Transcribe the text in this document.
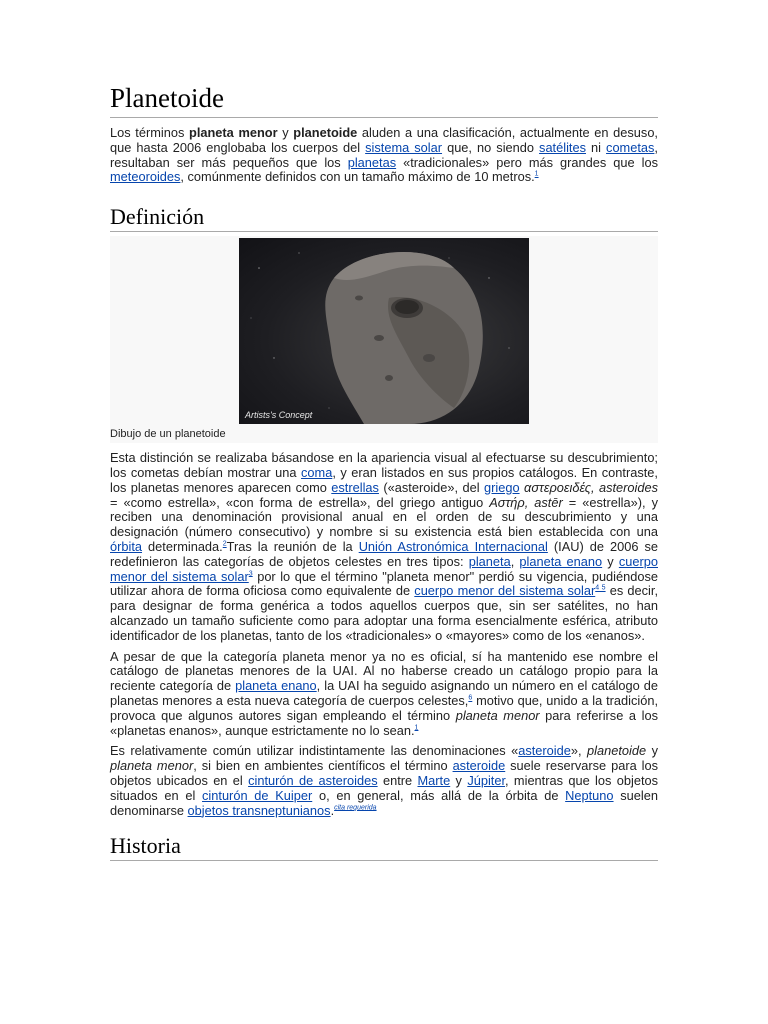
Planetoide

Los términos planeta menor y planetoide aluden a una clasificación, actualmente en desuso, que hasta 2006 englobaba los cuerpos del sistema solar que, no siendo satélites ni cometas, resultaban ser más pequeños que los planetas «tradicionales» pero más grandes que los meteoroides, comúnmente definidos con un tamaño máximo de 10 metros.$^1$

Definición
Artists's Concept
Dibujo de un planetoide

Esta distinción se realizaba básandose en la apariencia visual al efectuarse su descubrimiento; los cometas debían mostrar una coma, y eran listados en sus propios catálogos. En contraste, los planetas menores aparecen como estrellas («asteroide», del griego αστεροειδές, asteroides = «como estrella», «con forma de estrella», del griego antiguo Αστήρ, astēr = «estrella»), y reciben una denominación provisional anual en el orden de su descubrimiento y una designación (número consecutivo) y nombre si su existencia está bien establecida con una órbita determinada.$^2$Tras la reunión de la Unión Astronómica Internacional (IAU) de 2006 se redefinieron las categorías de objetos celestes en tres tipos: planeta, planeta enano y cuerpo menor del sistema solar$^3$ por lo que el término "planeta menor" perdió su vigencia, pudiéndose utilizar ahora de forma oficiosa como equivalente de cuerpo menor del sistema solar$^{4 5}$ es decir, para designar de forma genérica a todos aquellos cuerpos que, sin ser satélites, no han alcanzado un tamaño suficiente como para adoptar una forma esencialmente esférica, atributo identificador de los planetas, tanto de los «tradicionales» o «mayores» como de los «enanos».

A pesar de que la categoría planeta menor ya no es oficial, sí ha mantenido ese nombre el catálogo de planetas menores de la UAI. Al no haberse creado un catálogo propio para la reciente categoría de planeta enano, la UAI ha seguido asignando un número en el catálogo de planetas menores a esta nueva categoría de cuerpos celestes,$^6$ motivo que, unido a la tradición, provoca que algunos autores sigan empleando el término planeta menor para referirse a los «planetas enanos», aunque estrictamente no lo sean.$^1$

Es relativamente común utilizar indistintamente las denominaciones «asteroide», planetoide y planeta menor, si bien en ambientes científicos el término asteroide suele reservarse para los objetos ubicados en el cinturón de asteroides entre Marte y Júpiter, mientras que los objetos situados en el cinturón de Kuiper o, en general, más allá de la órbita de Neptuno suelen denominarse objetos transneptunianos.$^{cita requerida}$

Historia
